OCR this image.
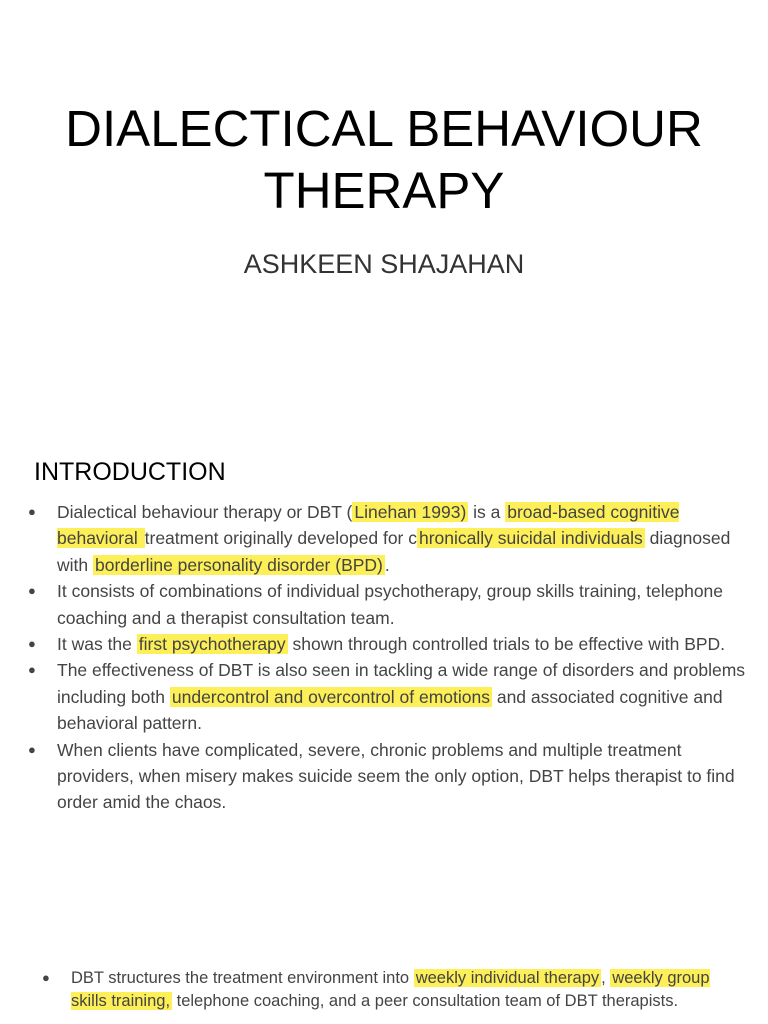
DIALECTICAL BEHAVIOUR
THERAPY
ASHKEEN SHAJAHAN
INTRODUCTION
● Dialectical behaviour therapy or DBT ( Linehan 1993) is a broad-based cognitive behavioral treatment originally developed for c hronically suicidal individuals diagnosed with borderline personality disorder (BPD) .
● It consists of combinations of individual psychotherapy, group skills training, telephone coaching and a therapist consultation team.
● It was the first psychotherapy shown through controlled trials to be effective with BPD.
● The effectiveness of DBT is also seen in tackling a wide range of disorders and problems including both undercontrol and overcontrol of emotions and associated cognitive and behavioral pattern.
● When clients have complicated, severe, chronic problems and multiple treatment providers, when misery makes suicide seem the only option, DBT helps therapist to find order amid the chaos.
● DBT structures the treatment environment into weekly individual therapy , weekly group skills training, telephone coaching, and a peer consultation team of DBT therapists.
